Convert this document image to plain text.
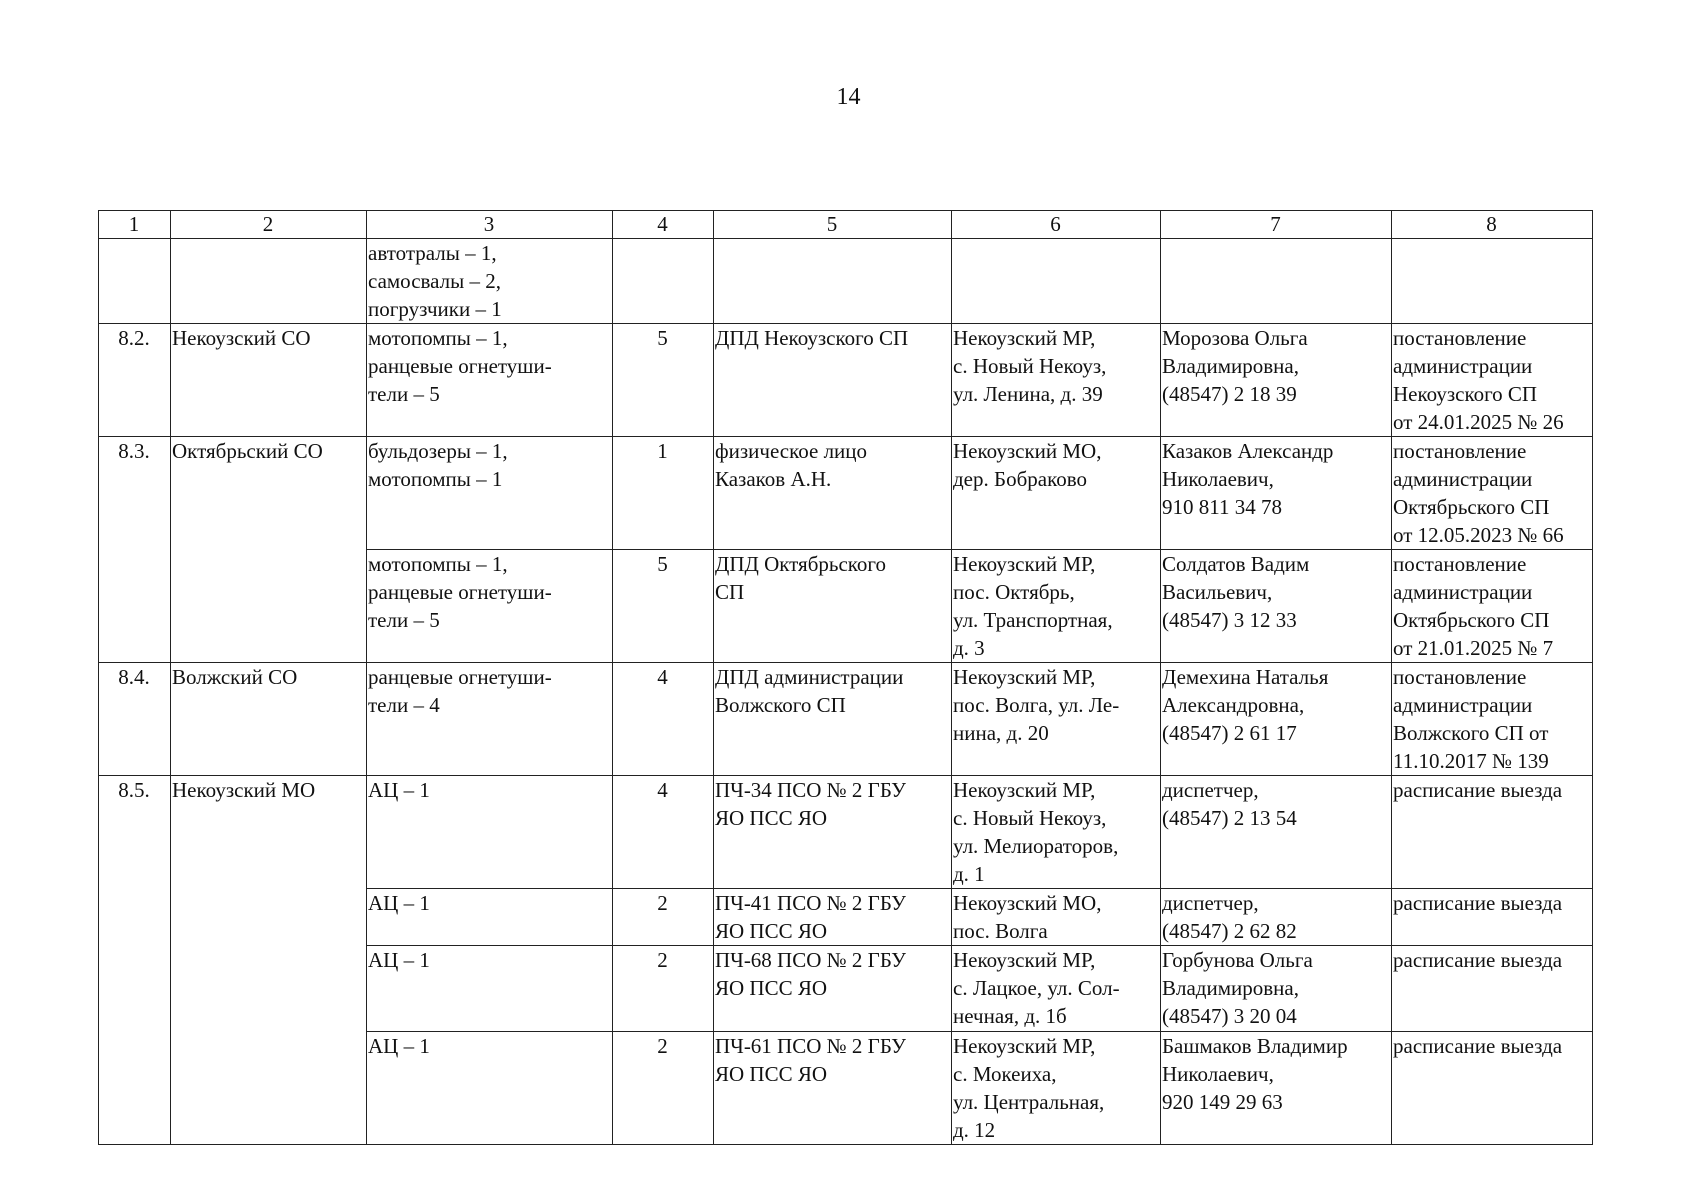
14
1	2	3	4	5	6	7	8

		автотралы – 1,
самосвалы – 2,
погрузчики – 1					

8.2.	Некоузский СО	мотопомпы – 1,
ранцевые огнетуши-
тели – 5	5	ДПД Некоузского СП	Некоузский МР,
с. Новый Некоуз,
ул. Ленина, д. 39	Морозова Ольга
Владимировна,
(48547) 2 18 39	постановление
администрации
Некоузского СП
от 24.01.2025 № 26

8.3.	Октябрьский СО	бульдозеры – 1,
мотопомпы – 1	1	физическое лицо
Казаков А.Н.	Некоузский МО,
дер. Бобраково	Казаков Александр
Николаевич,
910 811 34 78	постановление
администрации
Октябрьского СП
от 12.05.2023 № 66

		мотопомпы – 1,
ранцевые огнетуши-
тели – 5	5	ДПД Октябрьского
СП	Некоузский МР,
пос. Октябрь,
ул. Транспортная,
д. 3	Солдатов Вадим
Васильевич,
(48547) 3 12 33	постановление
администрации
Октябрьского СП
от 21.01.2025 № 7

8.4.	Волжский СО	ранцевые огнетуши-
тели – 4	4	ДПД администрации
Волжского СП	Некоузский МР,
пос. Волга, ул. Ле-
нина, д. 20	Демехина Наталья
Александровна,
(48547) 2 61 17	постановление
администрации
Волжского СП от
11.10.2017 № 139

8.5.	Некоузский МО	АЦ – 1	4	ПЧ-34 ПСО № 2 ГБУ
ЯО ПСС ЯО	Некоузский МР,
с. Новый Некоуз,
ул. Мелиораторов,
д. 1	диспетчер,
(48547) 2 13 54	расписание выезда

		АЦ – 1	2	ПЧ-41 ПСО № 2 ГБУ
ЯО ПСС ЯО	Некоузский МО,
пос. Волга	диспетчер,
(48547) 2 62 82	расписание выезда

		АЦ – 1	2	ПЧ-68 ПСО № 2 ГБУ
ЯО ПСС ЯО	Некоузский МР,
с. Лацкое, ул. Сол-
нечная, д. 1б	Горбунова Ольга
Владимировна,
(48547) 3 20 04	расписание выезда

		АЦ – 1	2	ПЧ-61 ПСО № 2 ГБУ
ЯО ПСС ЯО	Некоузский МР,
с. Мокеиха,
ул. Центральная,
д. 12	Башмаков Владимир
Николаевич,
920 149 29 63	расписание выезда
